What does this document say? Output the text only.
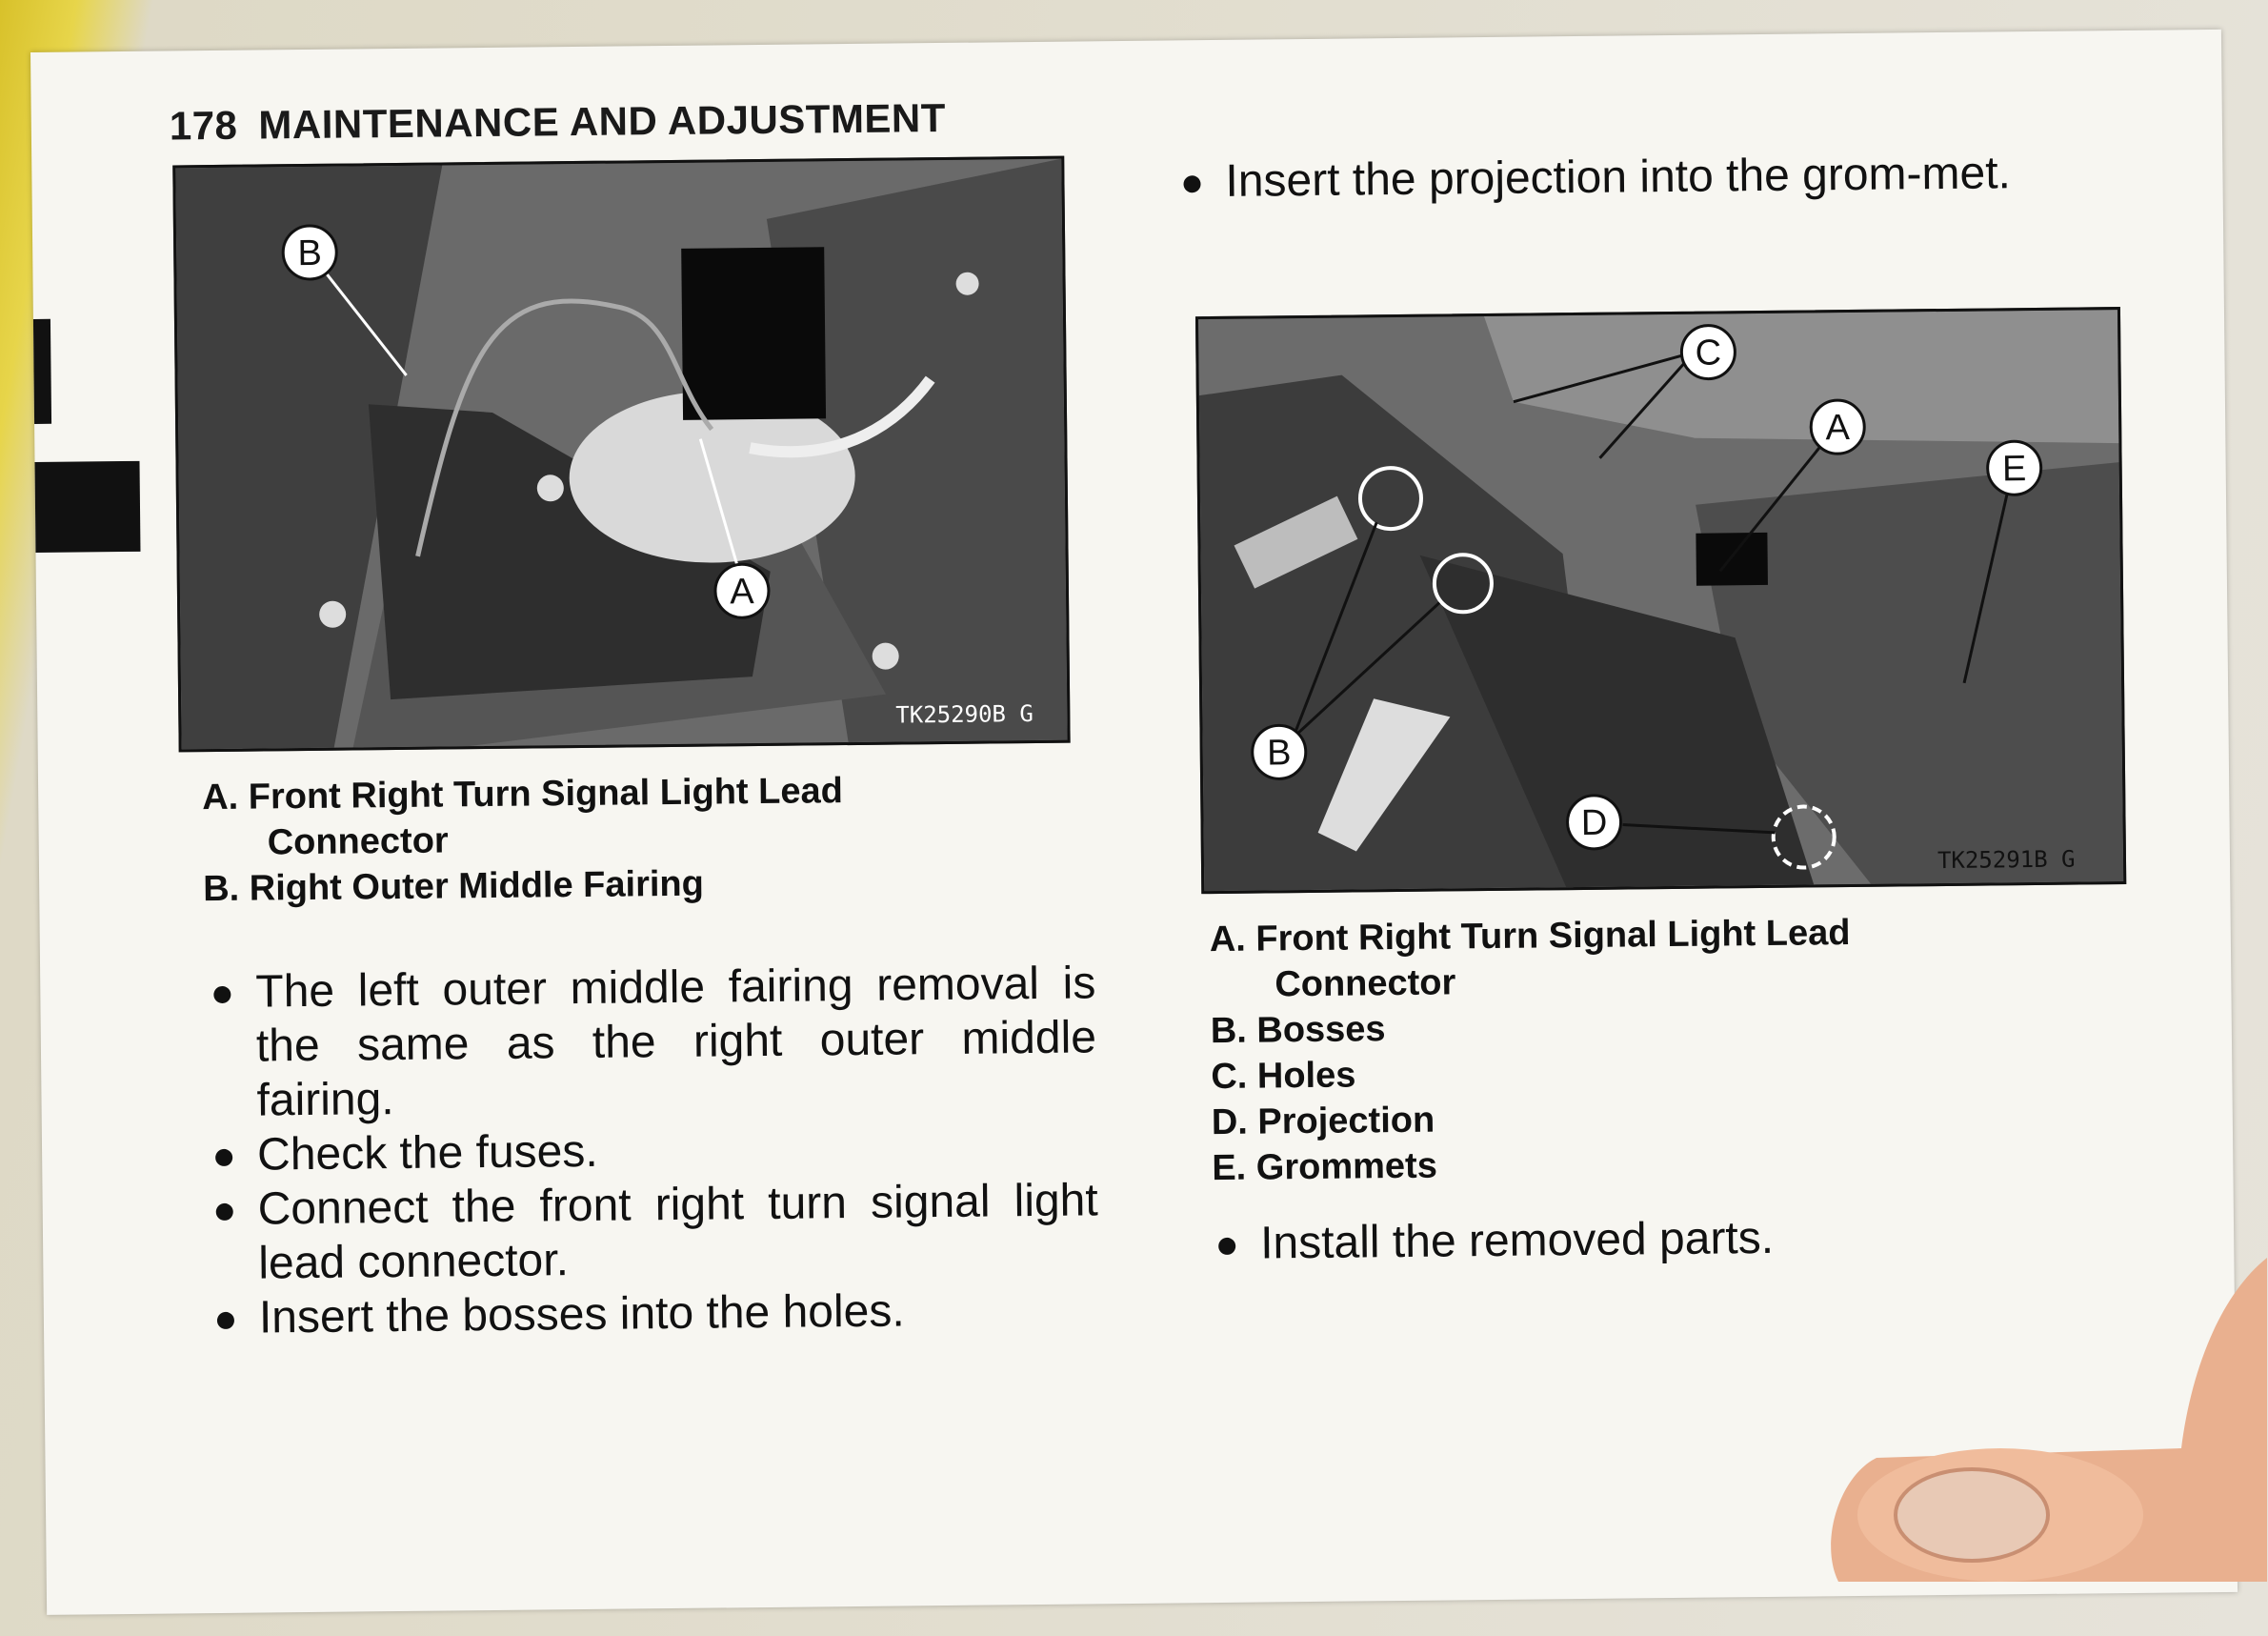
178 MAINTENANCE AND ADJUSTMENT
B
A
TK25290B G
A. Front Right Turn Signal Light Lead
Connector
B. Right Outer Middle Fairing
The left outer middle fairing removal is the same as the right outer middle fairing.
Check the fuses.
Connect the front right turn signal light lead connector.
Insert the bosses into the holes.
Insert the projection into the grom-met.
B
C
A
E
D
TK25291B G
A. Front Right Turn Signal Light Lead
Connector
B. Bosses
C. Holes
D. Projection
E. Grommets
Install the removed parts.
